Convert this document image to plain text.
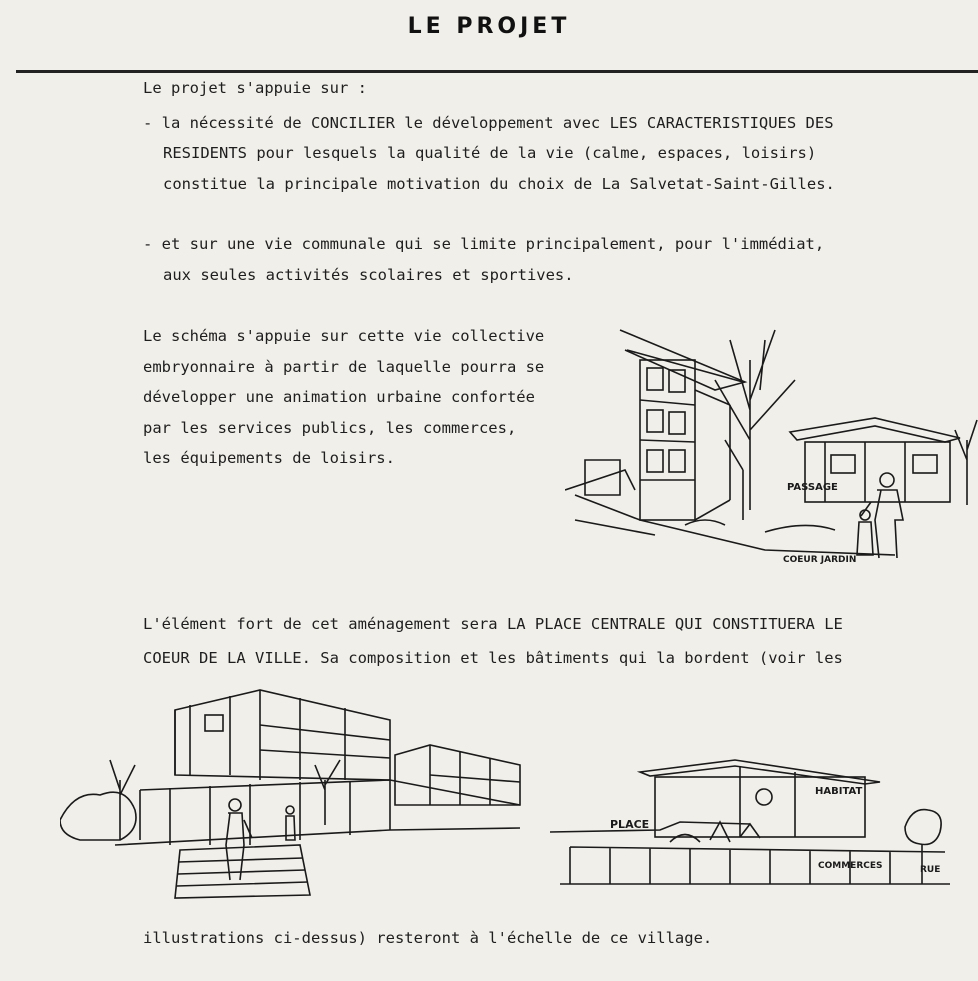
LE PROJET
Le projet s'appuie sur :
- la nécessité de CONCILIER le développement avec LES CARACTERISTIQUES DES
RESIDENTS pour lesquels la qualité de la vie (calme, espaces, loisirs)
constitue la principale motivation du choix de La Salvetat-Saint-Gilles.
- et sur une vie communale qui se limite principalement, pour l'immédiat,
aux seules activités scolaires et sportives.
Le schéma s'appuie sur cette vie collective
embryonnaire à partir de laquelle pourra se
développer une animation urbaine confortée
par les services publics, les commerces,
les équipements de loisirs.
PASSAGE
COEUR JARDIN
L'élément fort de cet aménagement sera LA PLACE CENTRALE QUI CONSTITUERA LE
COEUR DE LA VILLE. Sa composition et les bâtiments qui la bordent (voir les
PLACE
HABITAT
COMMERCES	RUE
illustrations ci-dessus) resteront à l'échelle de ce village.
